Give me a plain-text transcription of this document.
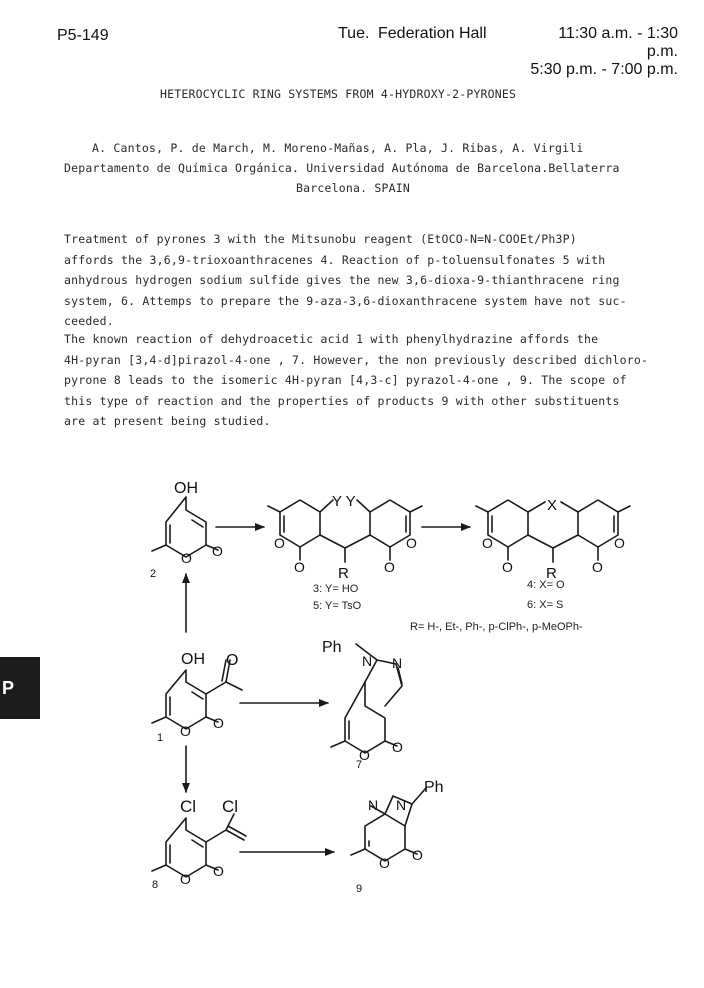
P5-149	Tue. Federation Hall	11:30 a.m. - 1:30 p.m.
5:30 p.m. - 7:00 p.m.
HETEROCYCLIC RING SYSTEMS FROM 4-HYDROXY-2-PYRONES
A. Cantos, P. de March, M. Moreno-Mañas, A. Pla, J. Ribas, A. Virgili
Departamento de Química Orgánica. Universidad Autónoma de Barcelona.Bellaterra
Barcelona. SPAIN
Treatment of pyrones 3 with the Mitsunobu reagent (EtOCO-N=N-COOEt/Ph3P)
affords the 3,6,9-trioxoanthracenes 4. Reaction of p-toluensulfonates 5 with
anhydrous hydrogen sodium sulfide gives the new 3,6-dioxa-9-thianthracene ring
system, 6. Attemps to prepare the 9-aza-3,6-dioxanthracene system have not suc-
ceeded.
The known reaction of dehydroacetic acid 1 with phenylhydrazine affords the
4H-pyran [3,4-d]pirazol-4-one , 7. However, the non previously described dichloro-
pyrone 8 leads to the isomeric 4H-pyran [4,3-c] pyrazol-4-one , 9. The scope of
this type of reaction and the properties of products 9 with other substituents
are at present being studied.
P
OH
O O
2
Y Y
R
O
O	O
O
3: Y= HO
5: Y= TsO
X
R
O
O	O
O
4: X= O
6: X= S
R= H-, Et-, Ph-, p-ClPh-, p-MeOPh-
OH O
O O
1
Ph
N N
O O
7
Cl Cl
O O
8
Ph
N N
O O
9
